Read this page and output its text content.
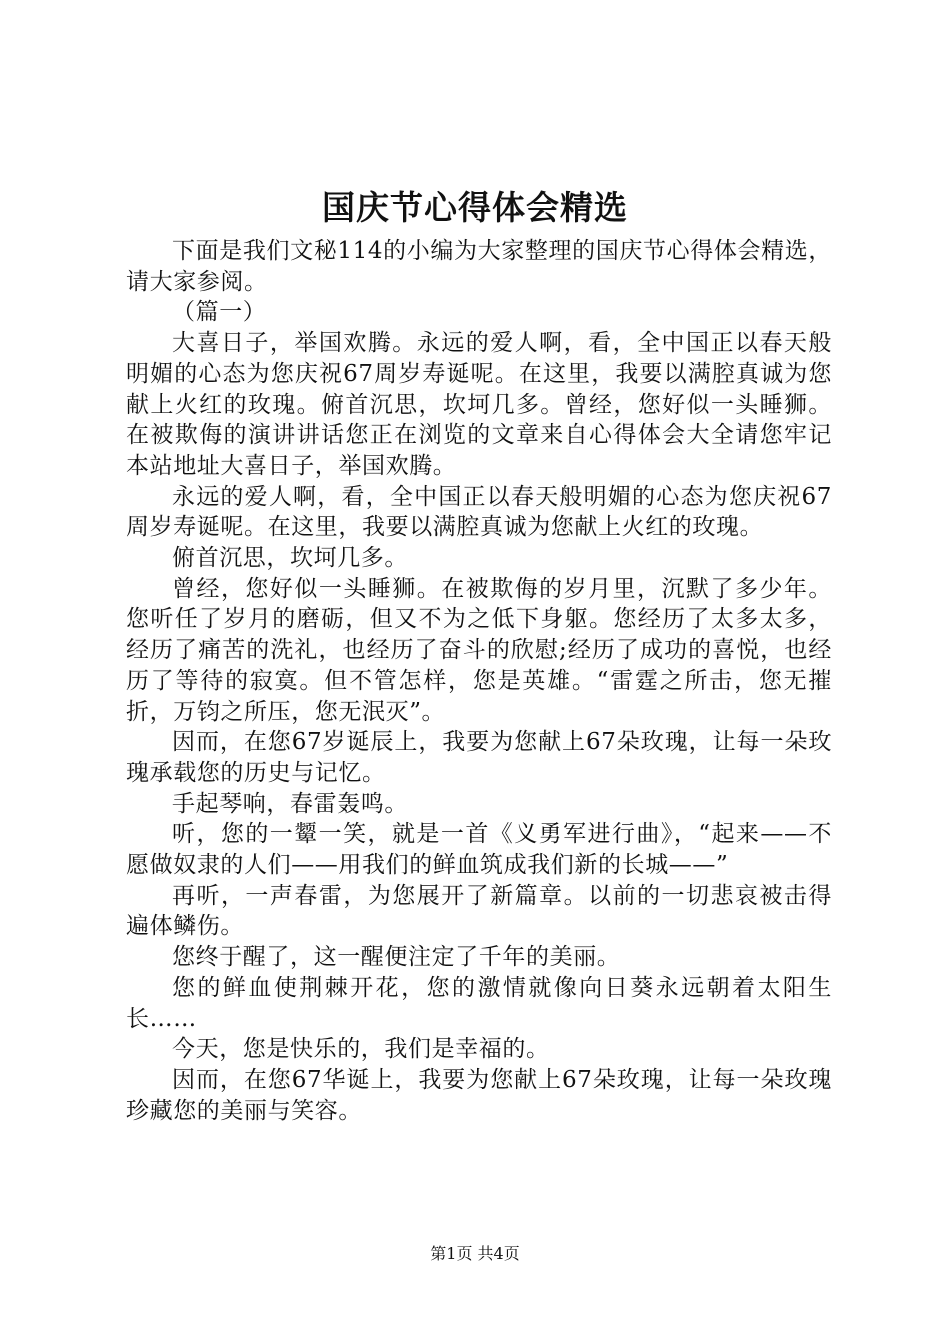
国庆节心得体会精选

下面是我们文秘114的小编为大家整理的国庆节心得体会精选，请大家参阅。

（篇一）

大喜日子，举国欢腾。永远的爱人啊，看，全中国正以春天般明媚的心态为您庆祝67周岁寿诞呢。在这里，我要以满腔真诚为您献上火红的玫瑰。俯首沉思，坎坷几多。曾经，您好似一头睡狮。在被欺侮的演讲讲话您正在浏览的文章来自心得体会大全请您牢记本站地址大喜日子，举国欢腾。

永远的爱人啊，看，全中国正以春天般明媚的心态为您庆祝67周岁寿诞呢。在这里，我要以满腔真诚为您献上火红的玫瑰。

俯首沉思，坎坷几多。

曾经，您好似一头睡狮。在被欺侮的岁月里，沉默了多少年。您听任了岁月的磨砺，但又不为之低下身躯。您经历了太多太多，经历了痛苦的洗礼，也经历了奋斗的欣慰;经历了成功的喜悦，也经历了等待的寂寞。但不管怎样，您是英雄。“雷霆之所击，您无摧折，万钧之所压，您无泯灭”。

因而，在您67岁诞辰上，我要为您献上67朵玫瑰，让每一朵玫瑰承载您的历史与记忆。

手起琴响，春雷轰鸣。

听，您的一颦一笑，就是一首《义勇军进行曲》，“起来——不愿做奴隶的人们——用我们的鲜血筑成我们新的长城——”

再听，一声春雷，为您展开了新篇章。以前的一切悲哀被击得遍体鳞伤。

您终于醒了，这一醒便注定了千年的美丽。

您的鲜血使荆棘开花，您的激情就像向日葵永远朝着太阳生长……

今天，您是快乐的，我们是幸福的。

因而，在您67华诞上，我要为您献上67朵玫瑰，让每一朵玫瑰珍藏您的美丽与笑容。

第1页 共4页
